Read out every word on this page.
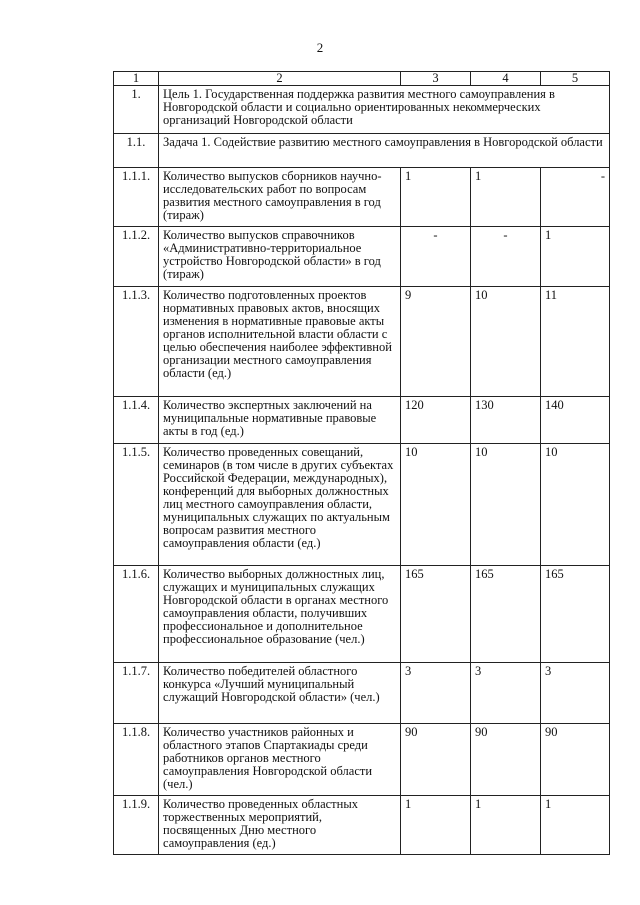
2
1	2	3	4	5
1.	Цель 1. Государственная поддержка развития местного самоуправления в Новгородской области и социально ориентированных некоммерческих организаций Новгородской области			
1.1.	Задача 1. Содействие развитию местного самоуправления в Новгородской области			
1.1.1.	Количество выпусков сборников научно-исследовательских работ по вопросам развития местного самоуправления в год (тираж)	1	1	-
1.1.2.	Количество выпусков справочников «Административно-территориальное устройство Новгородской области» в год (тираж)	-	-	1
1.1.3.	Количество подготовленных проектов нормативных правовых актов, вносящих изменения в нормативные правовые акты органов исполнительной власти области с целью обеспечения наиболее эффективной организации местного самоуправления области (ед.)	9	10	11
1.1.4.	Количество экспертных заключений на муниципальные нормативные правовые акты в год (ед.)	120	130	140
1.1.5.	Количество проведенных совещаний, семинаров (в том числе в других субъектах Российской Федерации, международных), конференций для выборных должностных лиц местного самоуправления области, муниципальных служащих по актуальным вопросам развития местного самоуправления области (ед.)	10	10	10
1.1.6.	Количество выборных должностных лиц, служащих и муниципальных служащих Новгородской области в органах местного самоуправления области, получивших профессиональное и дополнительное профессиональное образование (чел.)	165	165	165
1.1.7.	Количество победителей областного конкурса «Лучший муниципальный служащий Новгородской области» (чел.)	3	3	3
1.1.8.	Количество участников районных и областного этапов Спартакиады среди работников органов местного самоуправления Новгородской области (чел.)	90	90	90
1.1.9.	Количество проведенных областных торжественных мероприятий, посвященных Дню местного самоуправления (ед.)	1	1	1
